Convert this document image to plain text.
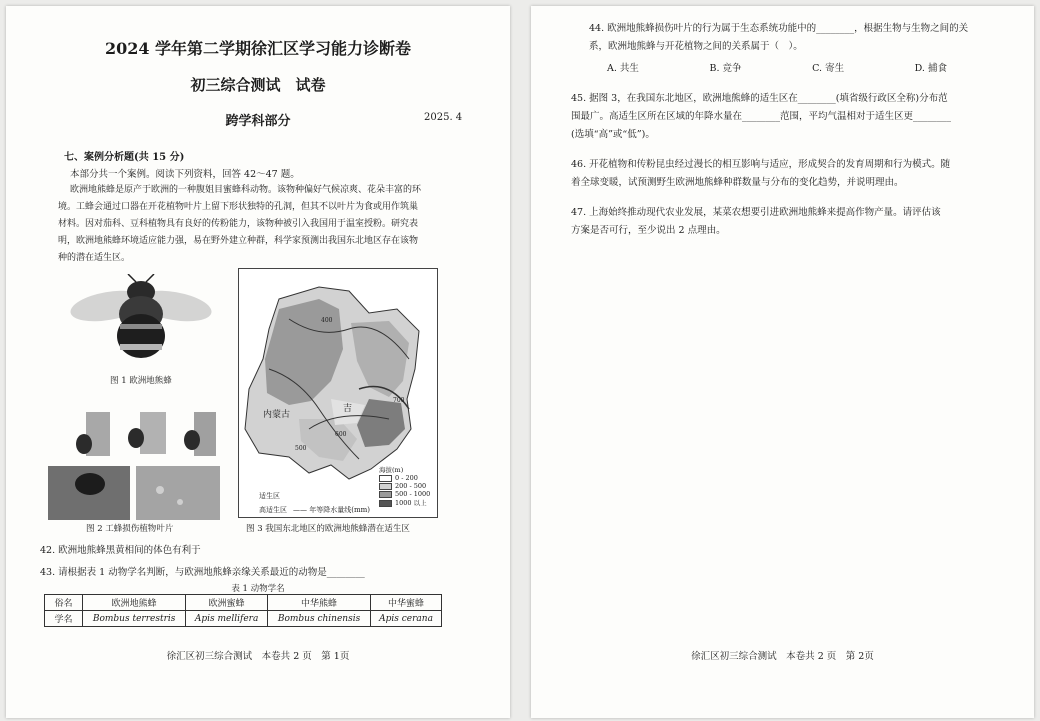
2024 学年第二学期徐汇区学习能力诊断卷
初三综合测试　试卷
跨学科部分	2025. 4
七、案例分析题(共 15 分)
本部分共一个案例。阅读下列资料，回答 42～47 题。
欧洲地熊蜂是原产于欧洲的一种腹姐目蜜蜂科动物。该物种偏好气候凉爽、花朵丰富的环
境。工蜂会通过口器在开花植物叶片上留下形状独特的孔洞，但其不以叶片为食或用作筑巢
材料。因对茄科、豆科植物具有良好的传粉能力，该物种被引入我国用于温室授粉。研究表
明，欧洲地熊蜂环境适应能力强，易在野外建立种群，科学家预测出我国东北地区存在该物
种的潜在适生区。
图 1 欧洲地熊蜂
图 2 工蜂损伤植物叶片
内蒙古
吉
400
500
600
700
海拔(m)
0 - 200
200 - 500
500 - 1000
1000 以上
适生区
高适生区 —— 年等降水量线(mm)
图 3 我国东北地区的欧洲地熊蜂潜在适生区
42. 欧洲地熊蜂黑黄相间的体色有利于
43. 请根据表 1 动物学名判断，与欧洲地熊蜂亲缘关系最近的动物是________
表 1 动物学名
俗名	欧洲地熊蜂	欧洲蜜蜂	中华熊蜂	中华蜜蜂
学名	Bombus terrestris	Apis mellifera	Bombus chinensis	Apis cerana
徐汇区初三综合测试　本卷共 2 页　第 1页
44. 欧洲地熊蜂损伤叶片的行为属于生态系统功能中的________，根据生物与生物之间的关
系，欧洲地熊蜂与开花植物之间的关系属于（　）。
A. 共生	B. 竞争	C. 寄生	D. 捕食
45. 据图 3，在我国东北地区，欧洲地熊蜂的适生区在________(填省级行政区全称)分布范
围最广。高适生区所在区域的年降水量在________范围，平均气温相对于适生区更________
(选填“高”或“低”)。
46. 开花植物和传粉昆虫经过漫长的相互影响与适应，形成契合的发育周期和行为模式。随
着全球变暖，试预测野生欧洲地熊蜂种群数量与分布的变化趋势，并说明理由。
47. 上海始终推动现代农业发展，某菜农想要引进欧洲地熊蜂来提高作物产量。请评估该
方案是否可行，至少说出 2 点理由。
徐汇区初三综合测试　本卷共 2 页　第 2页
